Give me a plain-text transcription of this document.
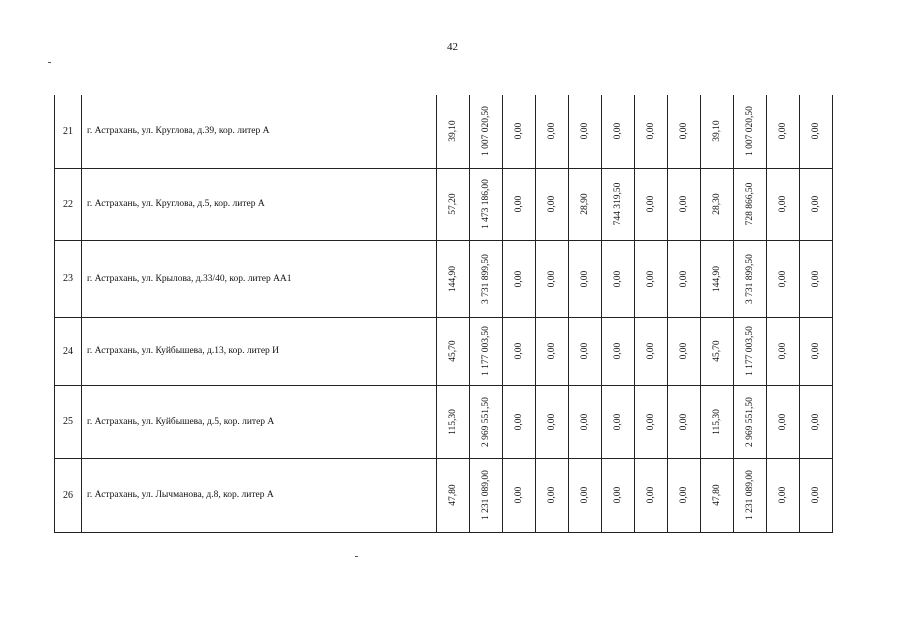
42
21	г. Астрахань, ул. Круглова, д.39, кор. литер А	39,10	1 007 020,50	0,00	0,00	0,00	0,00	0,00	0,00	39,10	1 007 020,50	0,00	0,00

22	г. Астрахань, ул. Круглова, д.5, кор. литер А	57,20	1 473 186,00	0,00	0,00	28,90	744 319,50	0,00	0,00	28,30	728 866,50	0,00	0,00

23	г. Астрахань, ул. Крылова, д.33/40, кор. литер АА1	144,90	3 731 899,50	0,00	0,00	0,00	0,00	0,00	0,00	144,90	3 731 899,50	0,00	0,00

24	г. Астрахань, ул. Куйбышева, д.13, кор. литер И	45,70	1 177 003,50	0,00	0,00	0,00	0,00	0,00	0,00	45,70	1 177 003,50	0,00	0,00

25	г. Астрахань, ул. Куйбышева, д.5, кор. литер А	115,30	2 969 551,50	0,00	0,00	0,00	0,00	0,00	0,00	115,30	2 969 551,50	0,00	0,00

26	г. Астрахань, ул. Лычманова, д.8, кор. литер А	47,80	1 231 089,00	0,00	0,00	0,00	0,00	0,00	0,00	47,80	1 231 089,00	0,00	0,00
